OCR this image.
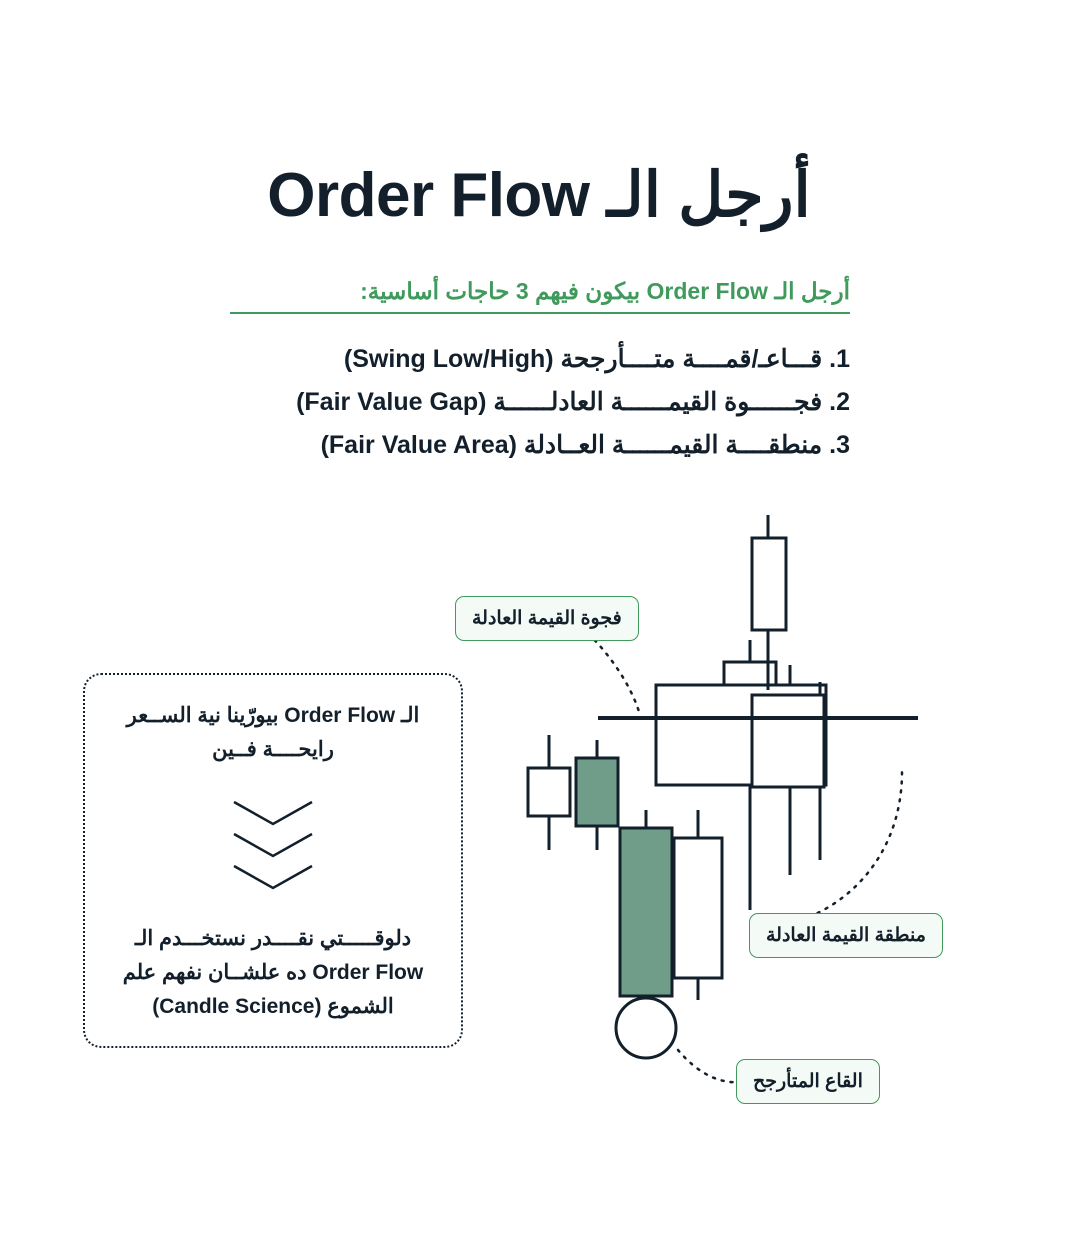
أرجل الـ Order Flow
أرجل الـ Order Flow بيكون فيهم 3 حاجات أساسية:
1. قـــاعـ/قمــــة متــــأرجحة (Swing Low/High)
2. فجــــــوة القيمــــــة العادلــــــة (Fair Value Gap)
3. منطقــــة القيمــــــة العــادلة (Fair Value Area)
الـ Order Flow بيورّينا نية الســعر رايحــــة فــين
دلوقـــــتي نقــــدر نستخـــدم الـ Order Flow ده علشــان نفهم علم الشموع (Candle Science)
فجوة القيمة العادلة
منطقة القيمة العادلة
القاع المتأرجح
